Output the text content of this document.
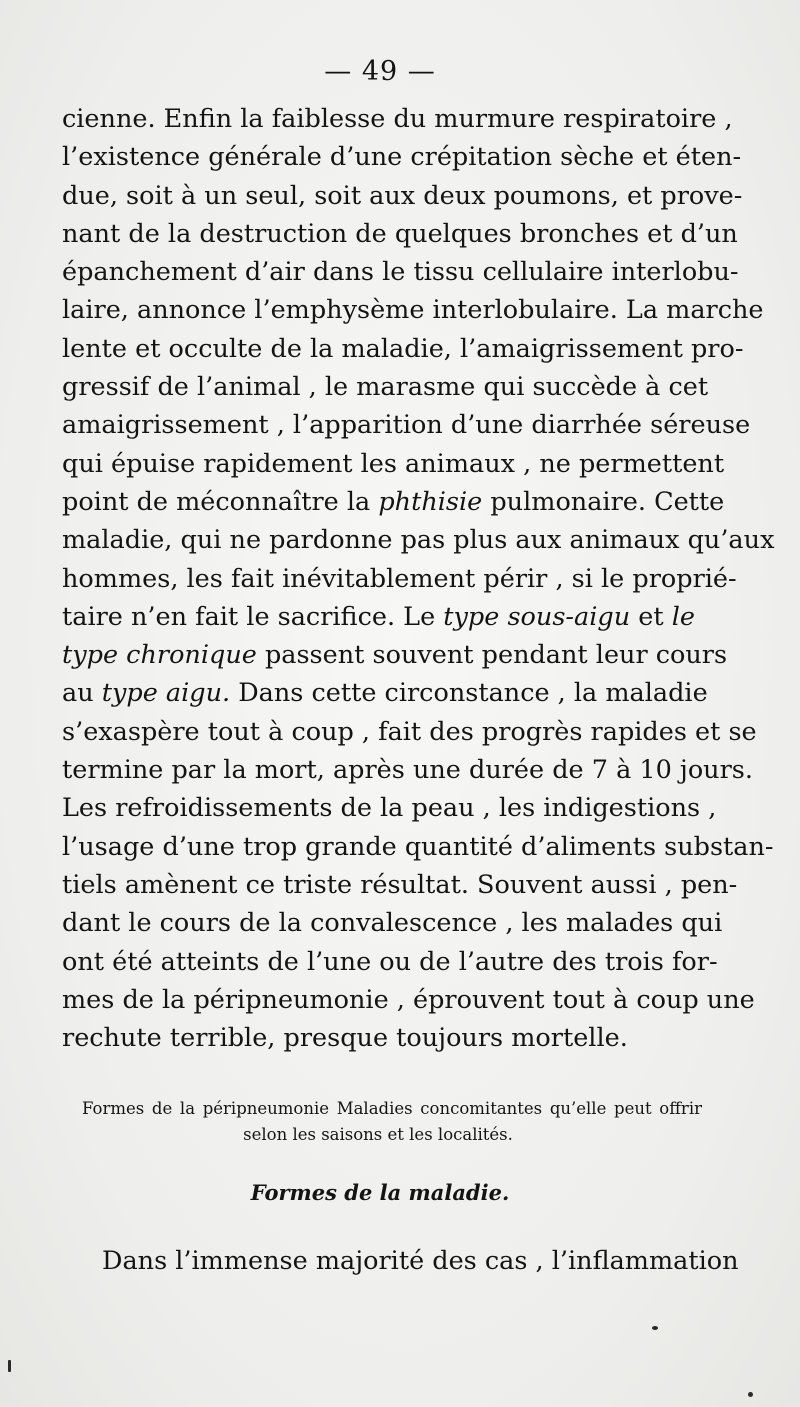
— 49 —
cienne. Enfin la faiblesse du murmure respiratoire ,
l’existence générale d’une crépitation sèche et éten-
due, soit à un seul, soit aux deux poumons, et prove-
nant de la destruction de quelques bronches et d’un
épanchement d’air dans le tissu cellulaire interlobu-
laire, annonce l’emphysème interlobulaire. La marche
lente et occulte de la maladie, l’amaigrissement pro-
gressif de l’animal , le marasme qui succède à cet
amaigrissement , l’apparition d’une diarrhée séreuse
qui épuise rapidement les animaux , ne permettent
point de méconnaître la phthisie pulmonaire. Cette
maladie, qui ne pardonne pas plus aux animaux qu’aux
hommes, les fait inévitablement périr , si le proprié-
taire n’en fait le sacrifice. Le type sous-aigu et le
type chronique passent souvent pendant leur cours
au type aigu. Dans cette circonstance , la maladie
s’exaspère tout à coup , fait des progrès rapides et se
termine par la mort, après une durée de 7 à 10 jours.
Les refroidissements de la peau , les indigestions ,
l’usage d’une trop grande quantité d’aliments substan-
tiels amènent ce triste résultat. Souvent aussi , pen-
dant le cours de la convalescence , les malades qui
ont été atteints de l’une ou de l’autre des trois for-
mes de la péripneumonie , éprouvent tout à coup une
rechute terrible, presque toujours mortelle.
Formes de la péripneumonie Maladies concomitantes qu’elle peut offrir
selon les saisons et les localités.
Formes de la maladie.
Dans l’immense majorité des cas , l’inflammation
